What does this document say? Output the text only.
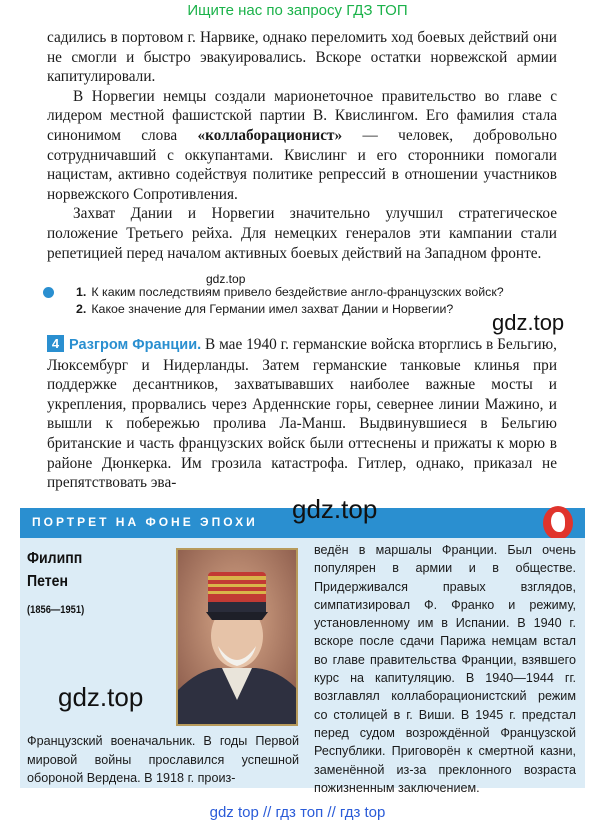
Ищите нас по запросу ГДЗ ТОП

садились в портовом г. Нарвике, однако переломить ход боевых действий они не смогли и быстро эвакуировались. Вскоре остатки норвежской армии капитулировали.

В Норвегии немцы создали марионеточное правительство во главе с лидером местной фашистской партии В. Квислингом. Его фамилия стала синонимом слова «коллаборационист» — человек, добровольно сотрудничавший с оккупантами. Квислинг и его сторонники помогали нацистам, активно содействуя политике репрессий в отношении участников норвежского Сопротивления.

Захват Дании и Норвегии значительно улучшил стратегическое положение Третьего рейха. Для немецких генералов эти кампании стали репетицией перед началом активных боевых действий на Западном фронте.

gdz.top
1. К каким последствиям привело бездействие англо-французских войск?
2. Какое значение для Германии имел захват Дании и Норвегии?
gdz.top

4 Разгром Франции. В мае 1940 г. германские войска вторглись в Бельгию, Люксембург и Нидерланды. Затем германские танковые клинья при поддержке десантников, захватывавших наиболее важные мосты и укрепления, прорвались через Арденнские горы, севернее линии Мажино, и вышли к побережью пролива Ла-Манш. Выдвинувшиеся в Бельгию британские и часть французских войск были оттеснены и прижаты к морю в районе Дюнкерка. Им грозила катастрофа. Гитлер, однако, приказал не препятствовать эва-

ПОРТРЕТ НА ФОНЕ ЭПОХИ gdz.top
Филипп
Петен
(1856—1951)
gdz.top
Французский военачальник. В годы Первой мировой войны прославился успешной обороной Вердена. В 1918 г. произ-
ведён в маршалы Франции. Был очень популярен в армии и в обществе. Придерживался правых взглядов, симпатизировал Ф. Франко и режиму, установленному им в Испании. В 1940 г. вскоре после сдачи Парижа немцам встал во главе правительства Франции, взявшего курс на капитуляцию. В 1940—1944 гг. возглавлял коллаборационистский режим со столицей в г. Виши. В 1945 г. предстал перед судом возрождённой Французской Республики. Приговорён к смертной казни, заменённой из-за преклонного возраста пожизненным заключением.
gdz top // гдз топ // гдз top
